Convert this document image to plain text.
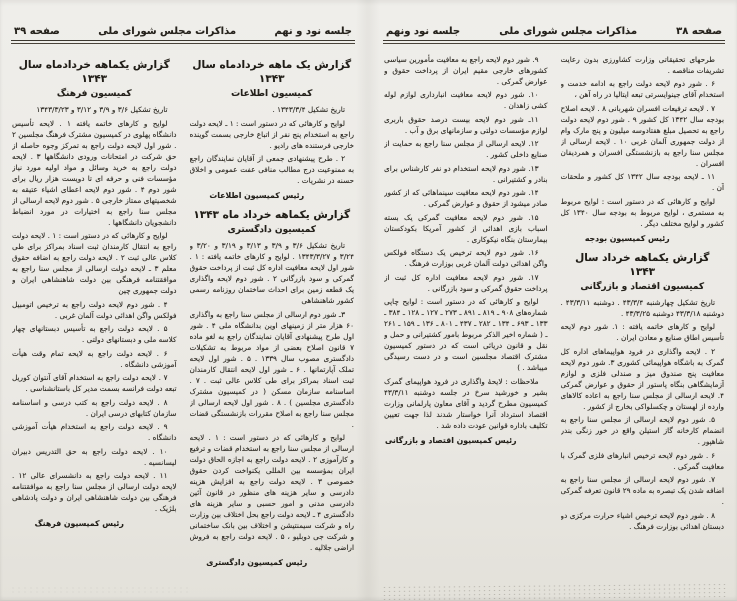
جلسه نود و نهم
مذاکرات مجلس شورای ملی
صفحه ۳۹
گزارش یک ماهه خردادماه سال ۱۳۴۳
کمیسیون اطلاعات
تاریخ تشکیل ۱۳۴۳/۳/۴ .
لوایح و کارهائی که در دستور است : ۱ ـ لایحه دولت راجع به استخدام پنج نفر از اتباع خارجی بسمت گوینده خارجی فرستنده های رادیو .
۲ . طرح پیشنهادی جمعی از آقایان نمایندگان راجع به ممنوعیت درج مطالب منافی عفت عمومی و اخلاق حسنه در نشریات .
رئیس کمیسیون اطلاعات
گزارش یکماهه خرداد ماه ۱۳۴۳
کمیسیون دادگستری
تاریخ تشکیل ۳/۶ و ۳/۹ و ۳/۱۳ و ۳/۱۹ و ۳/۲۰ و ۳/۲۴ و ۱۳۴۳/۳/۲۷ . لوایح و کارهای خاتمه یافته : ۱ . شور اول لایحه معافیت اداره کل ثبت از پرداخت حقوق گمرکی و سود بازرگانی ۲ . شور دوم لایحه واگذاری یک قطعه زمین برای احداث ساختمان روزنامه رسمی کشور شاهنشاهی
۳ـ شور دوم ارسالی از مجلس سنا راجع به واگذاری ۶۰ هزار متر از زمینهای اوین بدانشگاه ملی ۴ . شور اول طرح پیشنهادی آقایان نمایندگان راجع به لغو ماده ۷ قانون اصلاح بعضی از مواد مربوط به تشکیلات دادگستری مصوب سال ۱۳۳۹ . ۵ . شور اول لایحه تملک آپارتمانها . ۶ ـ شور اول لایحه انتقال کارمندان ثبت اسناد بمراکز برای طی کلاس عالی ثبت . ۷ . اساسنامه سازمان مسکن ( در کمیسیون مشترک دادگستری مجلسین ) . ۸ . شور اول لایحه ارسالی از مجلس سنا راجع به اصلاح مقررات بازنشستگی قضات .
لوایح و کارهائی که در دستور است : ۱ . لایحه ارسالی از مجلس سنا راجع به استخدام قضات و ترفیع و کارآموزی ۲ . لایحه دولت راجع به اجازه الحاق دولت ایران بمؤسسه بین المللی یکنواخت کردن حقوق خصوصی ۳ . لایحه دولت راجع به افزایش هزینه دادرسی و سایر هزینه های منظور در قانون آئین دادرسی مدنی و امور حسبی و سایر هزینه های دادگستری ۴ ـ لایحه دولت راجع بحل اختلاف بین وزارت راه و شرکت سیمنتیشن و اختلاف بین بانک ساختمانی و شرکت جی دوبلیو ، ۵ . لایحه دولت راجع به فروش اراضی جلالیه .
رئیس کمیسیون دادگستری
گزارش یکماهه خردادماه سال ۱۳۴۳
کمیسیون فرهنگ
تاریخ تشکیل ۳/۶ و ۳/۹ و ۳/۱۲ و ۱۳۴۳/۳/۲۳
لوایح و کارهای خاتمه یافته ۱ . لایحه تأسیس دانشگاه پهلوی در کمیسیون مشترک فرهنگ مجلسین ۲ . شور اول لایحه دولت راجع به تمرکز وجوه حاصله از حق شرکت در امتحانات ورودی دانشگاهها ۳ . لایحه دولت راجع به خرید وسائل و مواد اولیه مورد نیاز مؤسسات فنی و حرفه ای تا دویست هزار ریال برای شور دوم ۴ . شور دوم لایحه اعطای اشیاء عتیقه به شخصیتهای ممتاز خارجی ۵ . شور دوم لایحه ارسالی از مجلس سنا راجع به اختیارات در مورد انضباط دانشجویان دانشگاهها .
لوایح و کارهائی که در دستور است : ۱ . لایحه دولت راجع به انتقال کارمندان ثبت اسناد بمراکز برای طی کلاس عالی ثبت ۲ . لایحه دولت راجع به اضافه حقوق معلم ۳ ـ لایحه دولت ارسالی از مجلس سنا راجع به موافقتنامه فرهنگی بین دولت شاهنشاهی ایران و دولت جمهوری چین
۴ . شور دوم لایحه دولت راجع به ترخیص اتومبیل فولکس واگن اهدائی دولت آلمان غربی .
۵ . لایحه دولت راجع به تأسیس دبستانهای چهار کلاسه ملی و دبستانهای دولتی .
۶ . لایحه دولت راجع به لایحه تمام وقت هیأت آموزشی دانشگاه .
۷ . لایحه دولت راجع به استخدام آقای آنتوان کوریل تبعه دولت فرانسه بسمت مدیر کل باستانشناسی .
۸ . لایحه دولت راجع به کتب درسی و اساسنامه سازمان کتابهای درسی ایران .
۹ . لایحه دولت راجع به استخدام هیأت آموزشی دانشگاه .
۱۰ . لایحه دولت راجع به حق التدریس دبیران لیسانسیه .
۱۱ . لایحه دولت راجع به دانشسرای عالی ۱۲ . لایحه دولت ارسالی از مجلس سنا راجع به موافقتنامه فرهنگی بین دولت شاهنشاهی ایران و دولت پادشاهی بلژیک .
رئیس کمیسیون فرهنگ
صفحه ۳۸
مذاکرات مجلس شورای ملی
جلسه نود ونهم
طرحهای تحقیقاتی وزارت کشاورزی بدون رعایت تشریفات مناقصه .
۶ . شور دوم لایحه دولت راجع به ادامه خدمت و استخدام آقای جینوایسرتی تبعه ایتالیا در راه آهن ،
۷ . لایحه ترفیعات افسران شهربانی ۸ . لایحه اصلاح بودجه سال ۱۳۴۲ کل کشور ۹ . شور دوم لایحه دولت راجع به تحصیل مبلغ هفتادوسه میلیون و پنج مارک وام از دولت جمهوری آلمان غربی ۱۰ . لایحه ارسالی از مجلس سنا راجع به بازنشستگی افسران و همردیفان افسران .
۱۱ ـ لایحه بودجه سال ۱۳۴۲ کل کشور و ملحقات آن .
لوایح و کارهائی که در دستور است : لوایح مربوط به مستمری ، لوایح مربوط به بودجه سال ۱۳۴۰ کل کشور و لوایح مختلف دیگر .
رئیس کمیسیون بودجه
گزارش یکماهه خرداد سال ۱۳۴۳
کمیسیون اقتصاد و بازرگانی
تاریخ تشکیل چهارشنبه ۴۳/۳/۴ . دوشنبه ۴۳/۳/۱۱ . دوشنبه ۴۳/۳/۱۸ دوشنبه ۴۳/۳/۲۵ .
لوایح و کارهای خاتمه یافته : ۱. شور دوم لایحه تأسیس اطاق صنایع و معادن ایران .
۲ . لایحه واگذاری در فرود هواپیماهای اداره کل گمرک به باشگاه هواپیمائی کشوری ۳. شور دوم لایحه معافیت پنج صندوق میز و صندلی فلزی و لوازم آزمایشگاهی بنگاه پاستور از حقوق و عوارض گمرکی ۴. لایحه ارسالی از مجلس سنا راجع به اعاده کالاهای وارده از لهستان و چکسلواکی بخارج از کشور .
۵. شور دوم لایحه ارسالی از مجلس سنا راجع به انضمام کارخانه گاز استیلن واقع در خور زنگی بندر شاهپور .
۶ . شور دوم لایحه ترخیص انبارهای فلزی گمرک با معافیت گمرکی .
۷. شور دوم لایحه ارسالی از مجلس سنا راجع به اضافه شدن یک تبصره به ماده ۲۹ قانون تعرفه گمرکی .
۸ . شور دوم لایحه ترخیص اشیاء حرارت مرکزی دو دبستان اهدائی بوزارت فرهنگ .
۹. شور دوم لایحه راجع به معافیت مأمورین سیاسی کشورهای خارجی مقیم ایران از پرداخت حقوق و عوارض گمرکی .
۱۰. شور دوم لایحه معافیت انبارداری لوازم لوله کشی زاهدان .
۱۱ـ شور دوم لایحه بیست درصد حقوق باربری لوازم مؤسسات دولتی و سازمانهای برق و آب .
۱۲. لایحه ارسالی از مجلس سنا راجع به حمایت از صنایع داخلی کشور .
۱۳. شور دوم لایحه استخدام دو نفر کارشناس برای بنادر و کشتیرانی .
۱۴. شور دوم لایحه معافیت سینماهائی که از کشور صادر میشود از حقوق و عوارض گمرکی .
۱۵. شور دوم لایحه معافیت گمرکی یک بسته اسباب بازی اهدائی از کشور آمریکا بکودکستان بیمارستان بنگاه نیکوکاری .
۱۶. شور دوم لایحه ترخیص یک دستگاه فولکس واگن اهدائی دولت آلمان غربی بوزارت فرهنگ .
۱۷. شور دوم لایحه معافیت اداره کل ثبت از پرداخت حقوق گمرکی و سود بازرگانی .
لوایح و کارهائی که در دستور است : لوایح چاپی شماره‌های ۹۰۸ ـ ۸۱۹ ـ ۸۹۱ ـ ۲۷۳ ـ ۱۲۷ ـ ۱۲۸ ـ ۳۸۴ ـ ۱۳۳ ـ ۶۹۳ ـ ۱۳۴ ـ ۲۸۲ ـ ۴۳۷ ـ ۸۰۱ ـ ۱۳۶ ـ ۱۵۹ ـ ۲۶۱ ـ ( شماره اخیر الذکر مربوط بامور کشتیرانی و حمل و نقل و قانون دریائی است که در دستور کمیسیون مشترک اقتصاد مجلسین است و در دست رسیدگی میباشد . )
ملاحظات : لایحهٔ واگذاری در فرود هواپیمای گمرک بشیر و خورشید سرخ در جلسه دوشنبه ۴۳/۳/۱۱ کمیسیون مطرح گردید و آقای معاون پارلمانی وزارت اقتصاد استرداد آنرا خواستار شدند لذا جهت تعیین تکلیف باداره قوانین عودت داده شد .
رئیس کمیسیون اقتصاد و بازرگانی
